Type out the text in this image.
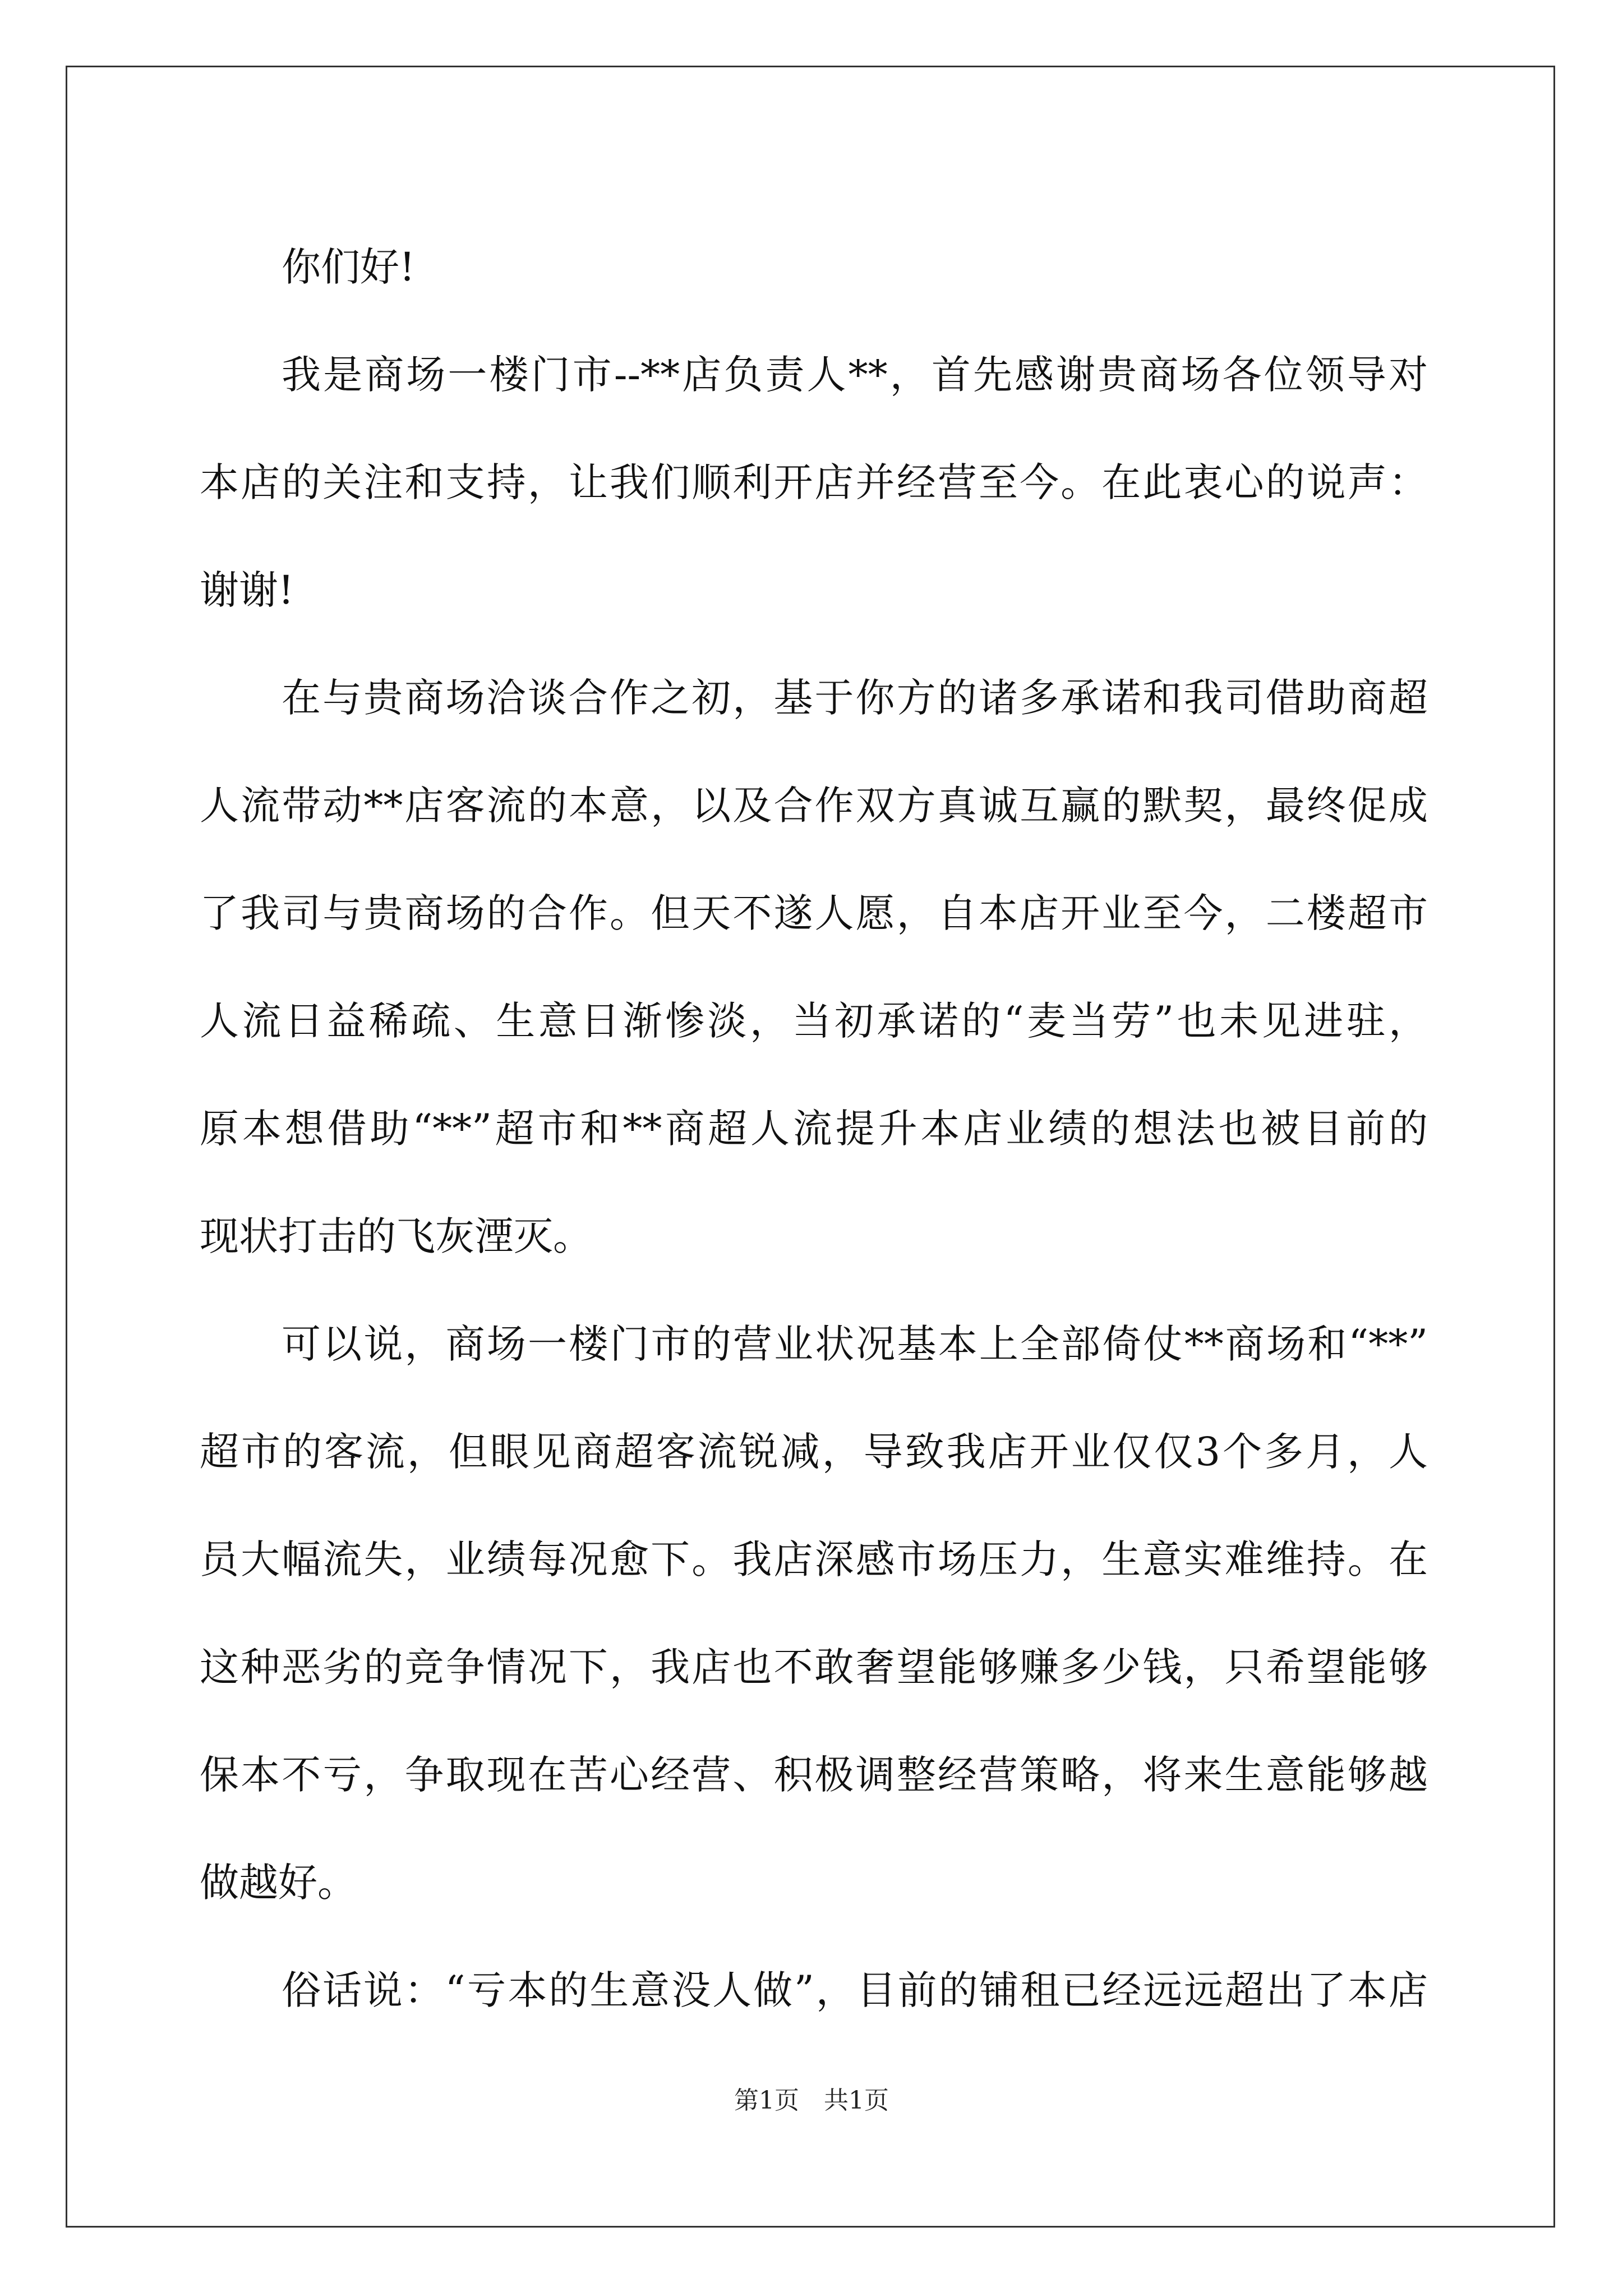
你们好!
我是商场一楼门市--**店负责人**，首先感谢贵商场各位领导对
本店的关注和支持，让我们顺利开店并经营至今。在此衷心的说声：
谢谢!
在与贵商场洽谈合作之初，基于你方的诸多承诺和我司借助商超
人流带动**店客流的本意，以及合作双方真诚互赢的默契，最终促成
了我司与贵商场的合作。但天不遂人愿，自本店开业至今，二楼超市
人流日益稀疏、生意日渐惨淡，当初承诺的“麦当劳”也未见进驻，
原本想借助“**”超市和**商超人流提升本店业绩的想法也被目前的
现状打击的飞灰湮灭。
可以说，商场一楼门市的营业状况基本上全部倚仗**商场和“**”
超市的客流，但眼见商超客流锐减，导致我店开业仅仅3个多月，人
员大幅流失，业绩每况愈下。我店深感市场压力，生意实难维持。在
这种恶劣的竞争情况下，我店也不敢奢望能够赚多少钱，只希望能够
保本不亏，争取现在苦心经营、积极调整经营策略，将来生意能够越
做越好。
俗话说：“亏本的生意没人做”，目前的铺租已经远远超出了本店
第1页　共1页
